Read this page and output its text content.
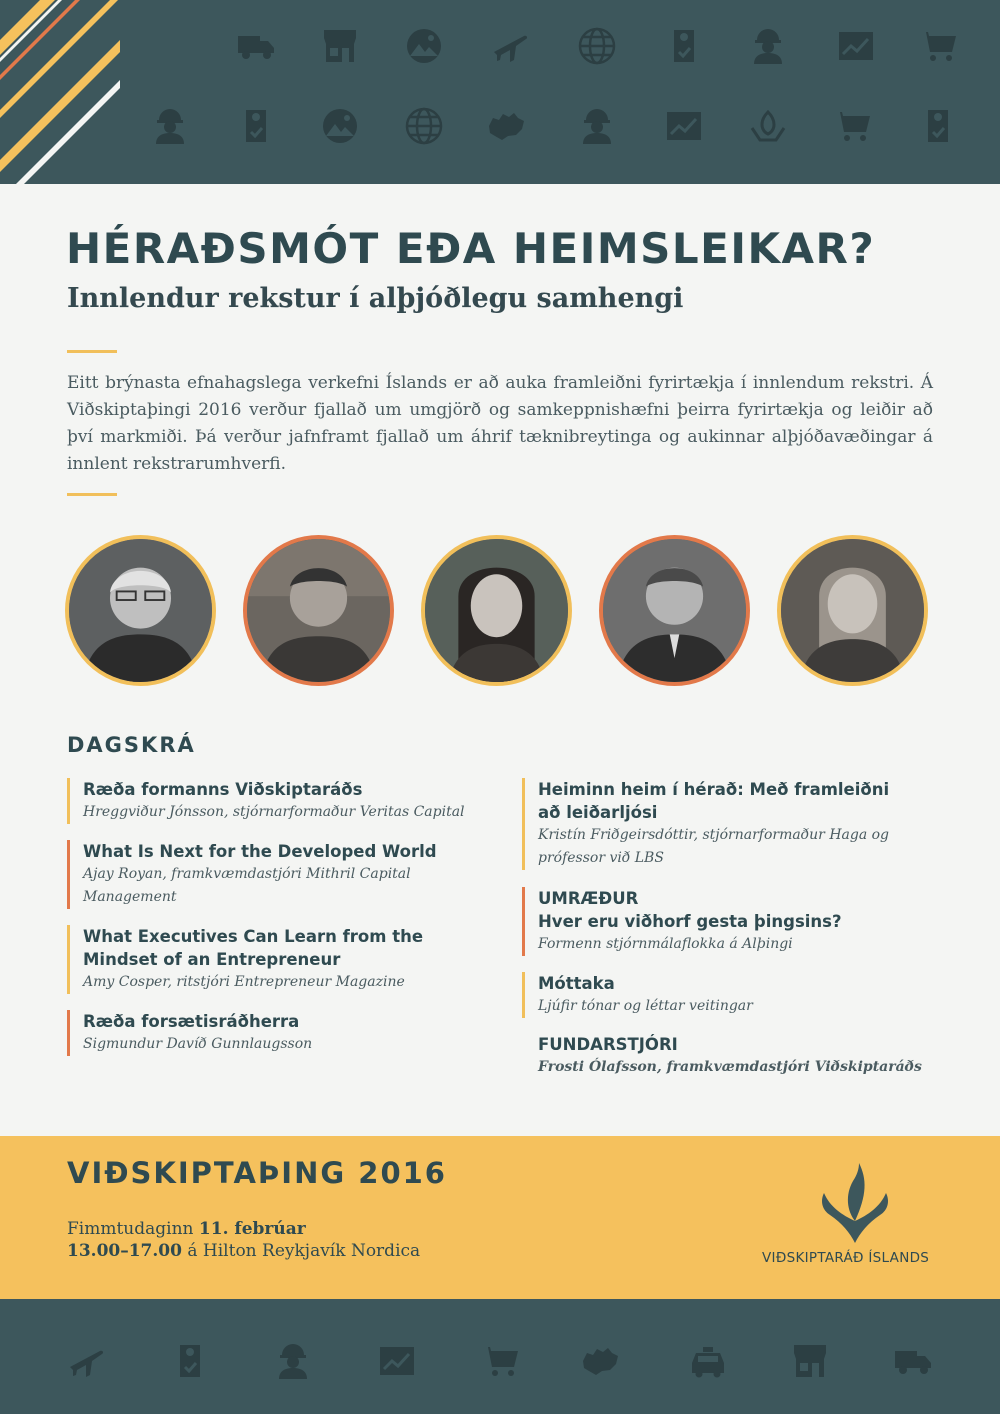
HÉRAÐSMÓT EÐA HEIMSLEIKAR?
Innlendur rekstur í alþjóðlegu samhengi

Eitt brýnasta efnahagslega verkefni Íslands er að auka framleiðni fyrirtækja í innlendum rekstri. Á Viðskiptaþingi 2016 verður fjallað um umgjörð og samkeppnishæfni þeirra fyrirtækja og leiðir að því markmiði. Þá verður jafnframt fjallað um áhrif tæknibreytinga og aukinnar alþjóðavæðingar á innlent rekstrarumhverfi.

DAGSKRÁ
Ræða formanns Viðskiptaráðs
Hreggviður Jónsson, stjórnarformaður Veritas Capital
What Is Next for the Developed World
Ajay Royan, framkvæmdastjóri Mithril Capital
Management
What Executives Can Learn from the
Mindset of an Entrepreneur
Amy Cosper, ritstjóri Entrepreneur Magazine
Ræða forsætisráðherra
Sigmundur Davíð Gunnlaugsson
Heiminn heim í hérað: Með framleiðni
að leiðarljósi
Kristín Friðgeirsdóttir, stjórnarformaður Haga og
prófessor við LBS
UMRÆÐUR
Hver eru viðhorf gesta þingsins?
Formenn stjórnmálaflokka á Alþingi
Móttaka
Ljúfir tónar og léttar veitingar
FUNDARSTJÓRI
Frosti Ólafsson, framkvæmdastjóri Viðskiptaráðs
VIÐSKIPTAÞING 2016
Fimmtudaginn 11. febrúar
13.00–17.00 á Hilton Reykjavík Nordica	VIÐSKIPTARÁÐ ÍSLANDS
